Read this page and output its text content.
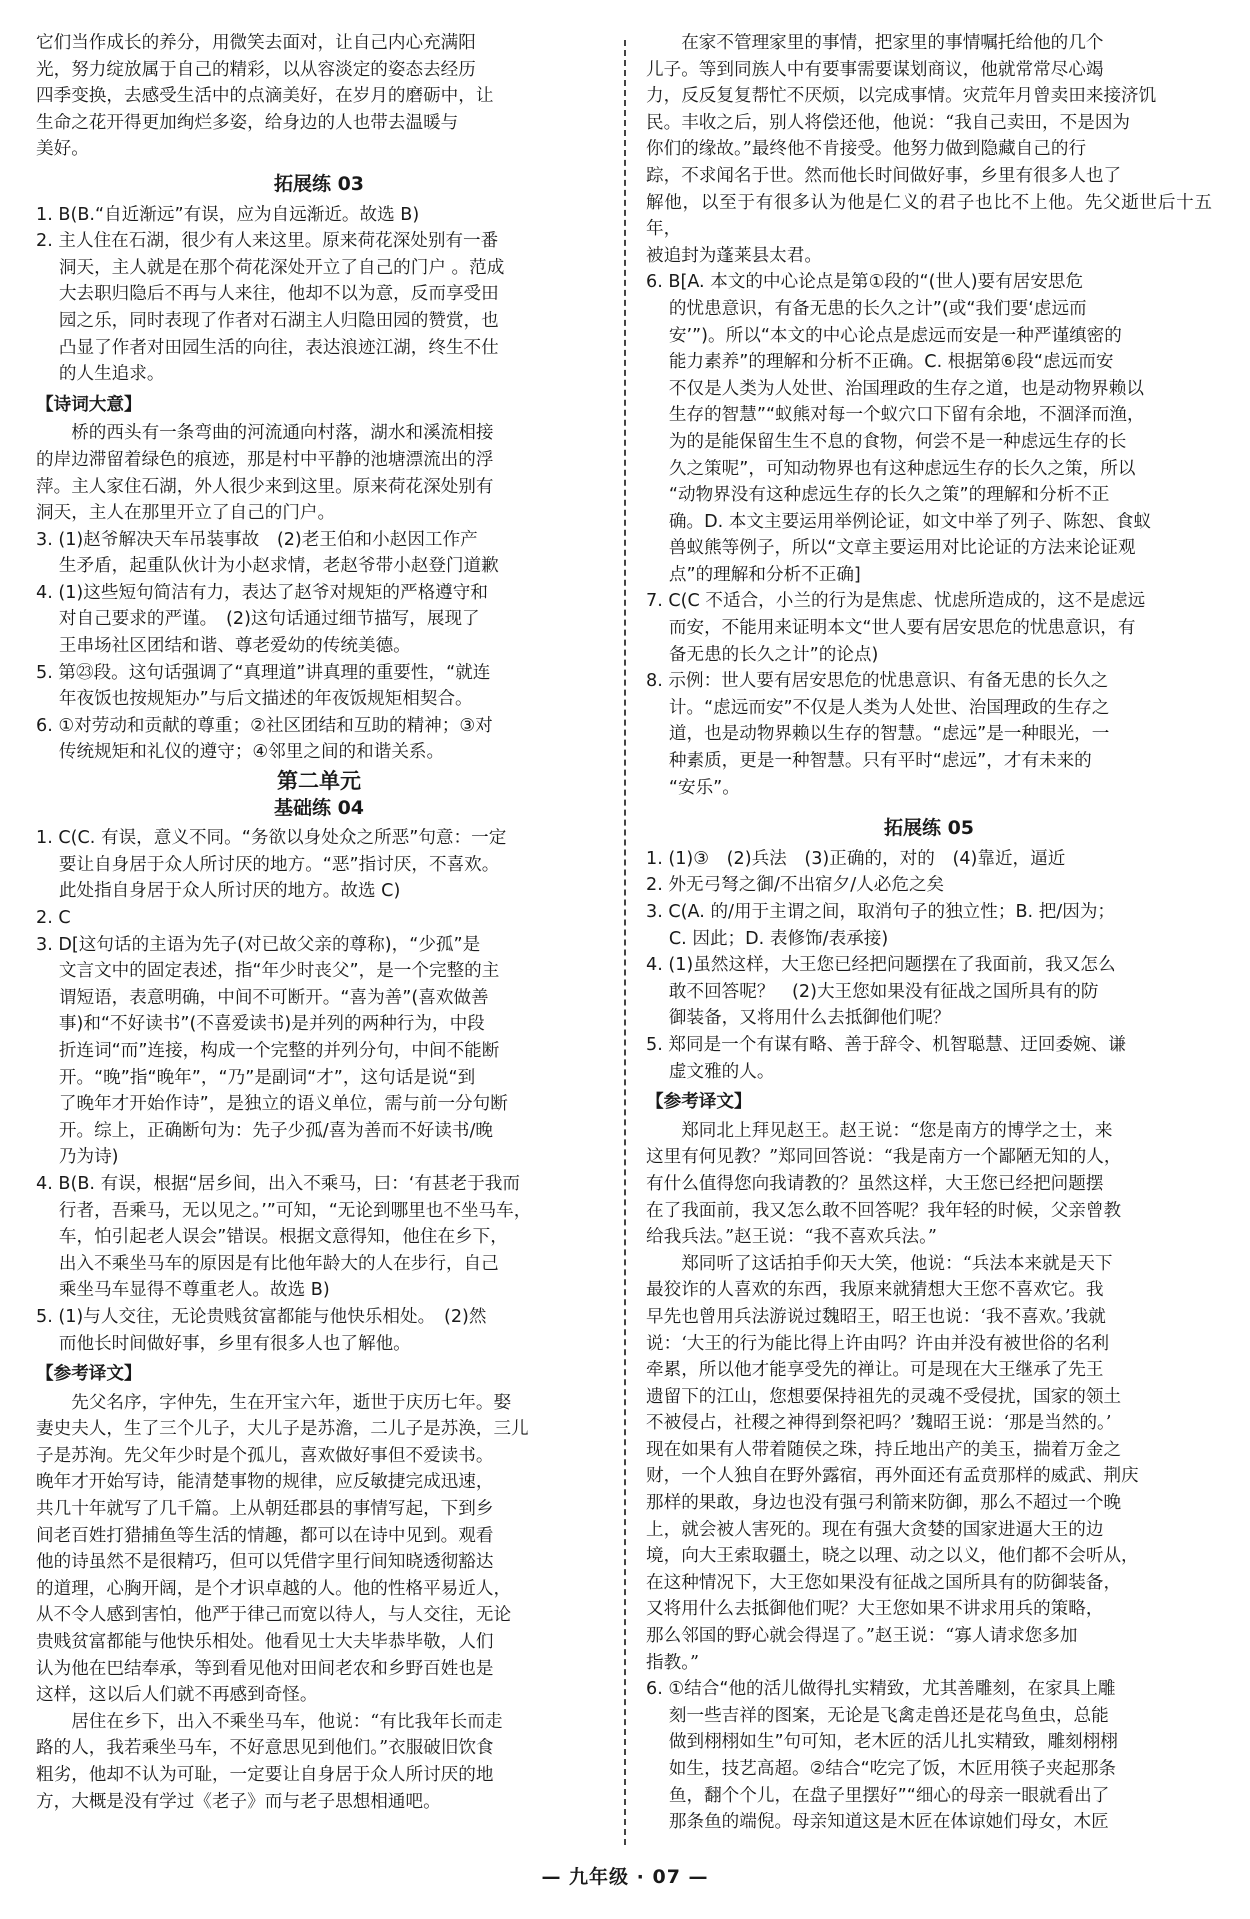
它们当作成长的养分，用微笑去面对，让自己内心充满阳
光，努力绽放属于自己的精彩，以从容淡定的姿态去经历
四季变换，去感受生活中的点滴美好，在岁月的磨砺中，让
生命之花开得更加绚烂多姿，给身边的人也带去温暖与
美好。
拓展练 03
1. B(B.“自近渐远”有误，应为自远渐近。故选 B)
2. 主人住在石湖，很少有人来这里。原来荷花深处别有一番
洞天，主人就是在那个荷花深处开立了自己的门户 。范成
大去职归隐后不再与人来往，他却不以为意，反而享受田
园之乐，同时表现了作者对石湖主人归隐田园的赞赏，也
凸显了作者对田园生活的向往，表达浪迹江湖，终生不仕
的人生追求。
【诗词大意】
桥的西头有一条弯曲的河流通向村落，湖水和溪流相接
的岸边滞留着绿色的痕迹，那是村中平静的池塘漂流出的浮
萍。主人家住石湖，外人很少来到这里。原来荷花深处别有
洞天，主人在那里开立了自己的门户。
3. (1)赵爷解决天车吊装事故　(2)老王伯和小赵因工作产
生矛盾，起重队伙计为小赵求情，老赵爷带小赵登门道歉
4. (1)这些短句简洁有力，表达了赵爷对规矩的严格遵守和
对自己要求的严谨。　(2)这句话通过细节描写，展现了
王串场社区团结和谐、尊老爱幼的传统美德。
5. 第㉓段。这句话强调了“真理道”讲真理的重要性，“就连
年夜饭也按规矩办”与后文描述的年夜饭规矩相契合。
6. ①对劳动和贡献的尊重；②社区团结和互助的精神；③对
传统规矩和礼仪的遵守；④邻里之间的和谐关系。
第二单元
基础练 04
1. C(C. 有误，意义不同。“务欲以身处众之所恶”句意：一定
要让自身居于众人所讨厌的地方。“恶”指讨厌，不喜欢。
此处指自身居于众人所讨厌的地方。故选 C)
2. C
3. D[这句话的主语为先子(对已故父亲的尊称)，“少孤”是
文言文中的固定表述，指“年少时丧父”，是一个完整的主
谓短语，表意明确，中间不可断开。“喜为善”(喜欢做善
事)和“不好读书”(不喜爱读书)是并列的两种行为，中段
折连词“而”连接，构成一个完整的并列分句，中间不能断
开。“晚”指“晚年”，“乃”是副词“才”，这句话是说“到
了晚年才开始作诗”，是独立的语义单位，需与前一分句断
开。综上，正确断句为：先子少孤/喜为善而不好读书/晚
乃为诗)
4. B(B. 有误，根据“居乡间，出入不乘马，曰：‘有甚老于我而
行者，吾乘马，无以见之。’”可知，“无论到哪里也不坐马车，
车，怕引起老人误会”错误。根据文意得知，他住在乡下，
出入不乘坐马车的原因是有比他年龄大的人在步行，自己
乘坐马车显得不尊重老人。故选 B)
5. (1)与人交往，无论贵贱贫富都能与他快乐相处。　(2)然
而他长时间做好事，乡里有很多人也了解他。
【参考译文】
先父名序，字仲先，生在开宝六年，逝世于庆历七年。娶
妻史夫人，生了三个儿子，大儿子是苏澹，二儿子是苏涣，三儿
子是苏洵。先父年少时是个孤儿，喜欢做好事但不爱读书。
晚年才开始写诗，能清楚事物的规律，应反敏捷完成迅速，
共几十年就写了几千篇。上从朝廷郡县的事情写起，下到乡
间老百姓打猎捕鱼等生活的情趣，都可以在诗中见到。观看
他的诗虽然不是很精巧，但可以凭借字里行间知晓透彻豁达
的道理，心胸开阔，是个才识卓越的人。他的性格平易近人，
从不令人感到害怕，他严于律己而宽以待人，与人交往，无论
贵贱贫富都能与他快乐相处。他看见士大夫毕恭毕敬，人们
认为他在巴结奉承，等到看见他对田间老农和乡野百姓也是
这样，这以后人们就不再感到奇怪。
居住在乡下，出入不乘坐马车，他说：“有比我年长而走
路的人，我若乘坐马车，不好意思见到他们。”衣服破旧饮食
粗劣，他却不认为可耻，一定要让自身居于众人所讨厌的地
方，大概是没有学过《老子》而与老子思想相通吧。
在家不管理家里的事情，把家里的事情嘱托给他的几个
儿子。等到同族人中有要事需要谋划商议，他就常常尽心竭
力，反反复复帮忙不厌烦，以完成事情。灾荒年月曾卖田来接济饥
民。丰收之后，别人将偿还他，他说：“我自己卖田，不是因为
你们的缘故。”最终他不肯接受。他努力做到隐藏自己的行
踪，不求闻名于世。然而他长时间做好事，乡里有很多人也了
解他，以至于有很多认为他是仁义的君子也比不上他。先父逝世后十五年，
被追封为蓬莱县太君。
6. B[A. 本文的中心论点是第①段的“(世人)要有居安思危
的忧患意识，有备无患的长久之计”(或“我们要‘虑远而
安’”)。所以“本文的中心论点是虑远而安是一种严谨缜密的
能力素养”的理解和分析不正确。C. 根据第⑥段“虑远而安
不仅是人类为人处世、治国理政的生存之道，也是动物界赖以
生存的智慧”“蚁熊对每一个蚁穴口下留有余地，不涸泽而渔，
为的是能保留生生不息的食物，何尝不是一种虑远生存的长
久之策呢”，可知动物界也有这种虑远生存的长久之策，所以
“动物界没有这种虑远生存的长久之策”的理解和分析不正
确。D. 本文主要运用举例论证，如文中举了列子、陈恕、食蚁
兽蚁熊等例子，所以“文章主要运用对比论证的方法来论证观
点”的理解和分析不正确]
7. C(C 不适合，小兰的行为是焦虑、忧虑所造成的，这不是虑远
而安，不能用来证明本文“世人要有居安思危的忧患意识，有
备无患的长久之计”的论点)
8. 示例：世人要有居安思危的忧患意识、有备无患的长久之
计。“虑远而安”不仅是人类为人处世、治国理政的生存之
道，也是动物界赖以生存的智慧。“虑远”是一种眼光，一
种素质，更是一种智慧。只有平时“虑远”，才有未来的
“安乐”。
拓展练 05
1. (1)③　(2)兵法　(3)正确的，对的　(4)靠近，逼近
2. 外无弓弩之御/不出宿夕/人必危之矣
3. C(A. 的/用于主谓之间，取消句子的独立性；B. 把/因为；
C. 因此；D. 表修饰/表承接)
4. (1)虽然这样，大王您已经把问题摆在了我面前，我又怎么
敢不回答呢？　(2)大王您如果没有征战之国所具有的防
御装备，又将用什么去抵御他们呢？
5. 郑同是一个有谋有略、善于辞令、机智聪慧、迂回委婉、谦
虚文雅的人。
【参考译文】
郑同北上拜见赵王。赵王说：“您是南方的博学之士，来
这里有何见教？”郑同回答说：“我是南方一个鄙陋无知的人，
有什么值得您向我请教的？虽然这样，大王您已经把问题摆
在了我面前，我又怎么敢不回答呢？我年轻的时候，父亲曾教
给我兵法。”赵王说：“我不喜欢兵法。”
郑同听了这话拍手仰天大笑，他说：“兵法本来就是天下
最狡诈的人喜欢的东西，我原来就猜想大王您不喜欢它。我
早先也曾用兵法游说过魏昭王，昭王也说：‘我不喜欢。’我就
说：‘大王的行为能比得上许由吗？许由并没有被世俗的名利
牵累，所以他才能享受先的禅让。可是现在大王继承了先王
遗留下的江山，您想要保持祖先的灵魂不受侵扰，国家的领土
不被侵占，社稷之神得到祭祀吗？’魏昭王说：‘那是当然的。’
现在如果有人带着随侯之珠，持丘地出产的美玉，揣着万金之
财，一个人独自在野外露宿，再外面还有孟贲那样的威武、荆庆
那样的果敢，身边也没有强弓利箭来防御，那么不超过一个晚
上，就会被人害死的。现在有强大贪婪的国家进逼大王的边
境，向大王索取疆土，晓之以理、动之以义，他们都不会听从，
在这种情况下，大王您如果没有征战之国所具有的防御装备，
又将用什么去抵御他们呢？大王您如果不讲求用兵的策略，
那么邻国的野心就会得逞了。”赵王说：“寡人请求您多加
指教。”
6. ①结合“他的活儿做得扎实精致，尤其善雕刻，在家具上雕
刻一些吉祥的图案，无论是飞禽走兽还是花鸟鱼虫，总能
做到栩栩如生”句可知，老木匠的活儿扎实精致，雕刻栩栩
如生，技艺高超。②结合“吃完了饭，木匠用筷子夹起那条
鱼，翻个个儿，在盘子里摆好”“细心的母亲一眼就看出了
那条鱼的端倪。母亲知道这是木匠在体谅她们母女，木匠
— 九年级 · 07 —
